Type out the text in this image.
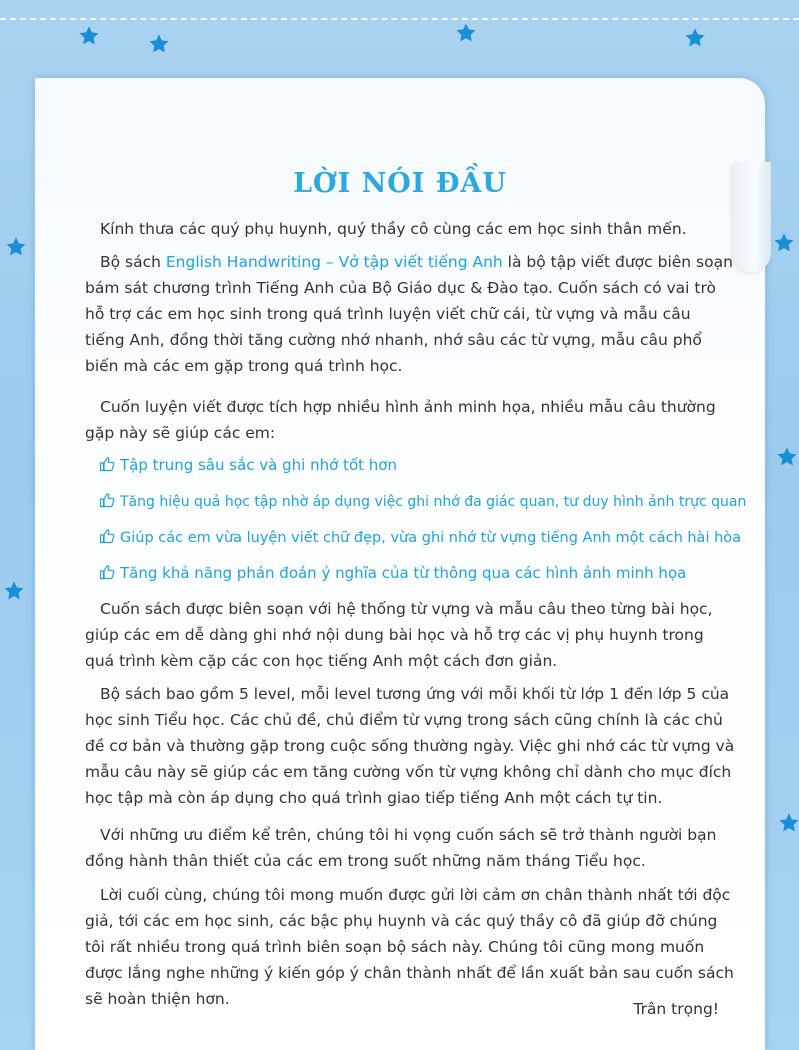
LỜI NÓI ĐẦU

Kính thưa các quý phụ huynh, quý thầy cô cùng các em học sinh thân mến.

Bộ sách English Handwriting – Vở tập viết tiếng Anh là bộ tập viết được biên soạn bám sát chương trình Tiếng Anh của Bộ Giáo dục & Đào tạo. Cuốn sách có vai trò hỗ trợ các em học sinh trong quá trình luyện viết chữ cái, từ vựng và mẫu câu tiếng Anh, đồng thời tăng cường nhớ nhanh, nhớ sâu các từ vựng, mẫu câu phổ biến mà các em gặp trong quá trình học.

Cuốn luyện viết được tích hợp nhiều hình ảnh minh họa, nhiều mẫu câu thường gặp này sẽ giúp các em:

Tập trung sâu sắc và ghi nhớ tốt hơn

Tăng hiệu quả học tập nhờ áp dụng việc ghi nhớ đa giác quan, tư duy hình ảnh trực quan

Giúp các em vừa luyện viết chữ đẹp, vừa ghi nhớ từ vựng tiếng Anh một cách hài hòa

Tăng khả năng phán đoán ý nghĩa của từ thông qua các hình ảnh minh họa

Cuốn sách được biên soạn với hệ thống từ vựng và mẫu câu theo từng bài học, giúp các em dễ dàng ghi nhớ nội dung bài học và hỗ trợ các vị phụ huynh trong quá trình kèm cặp các con học tiếng Anh một cách đơn giản.

Bộ sách bao gồm 5 level, mỗi level tương ứng với mỗi khối từ lớp 1 đến lớp 5 của học sinh Tiểu học. Các chủ đề, chủ điểm từ vựng trong sách cũng chính là các chủ đề cơ bản và thường gặp trong cuộc sống thường ngày. Việc ghi nhớ các từ vựng và mẫu câu này sẽ giúp các em tăng cường vốn từ vựng không chỉ dành cho mục đích học tập mà còn áp dụng cho quá trình giao tiếp tiếng Anh một cách tự tin.

Với những ưu điểm kể trên, chúng tôi hi vọng cuốn sách sẽ trở thành người bạn đồng hành thân thiết của các em trong suốt những năm tháng Tiểu học.

Lời cuối cùng, chúng tôi mong muốn được gửi lời cảm ơn chân thành nhất tới độc giả, tới các em học sinh, các bậc phụ huynh và các quý thầy cô đã giúp đỡ chúng tôi rất nhiều trong quá trình biên soạn bộ sách này. Chúng tôi cũng mong muốn được lắng nghe những ý kiến góp ý chân thành nhất để lần xuất bản sau cuốn sách sẽ hoàn thiện hơn.

Trân trọng!
